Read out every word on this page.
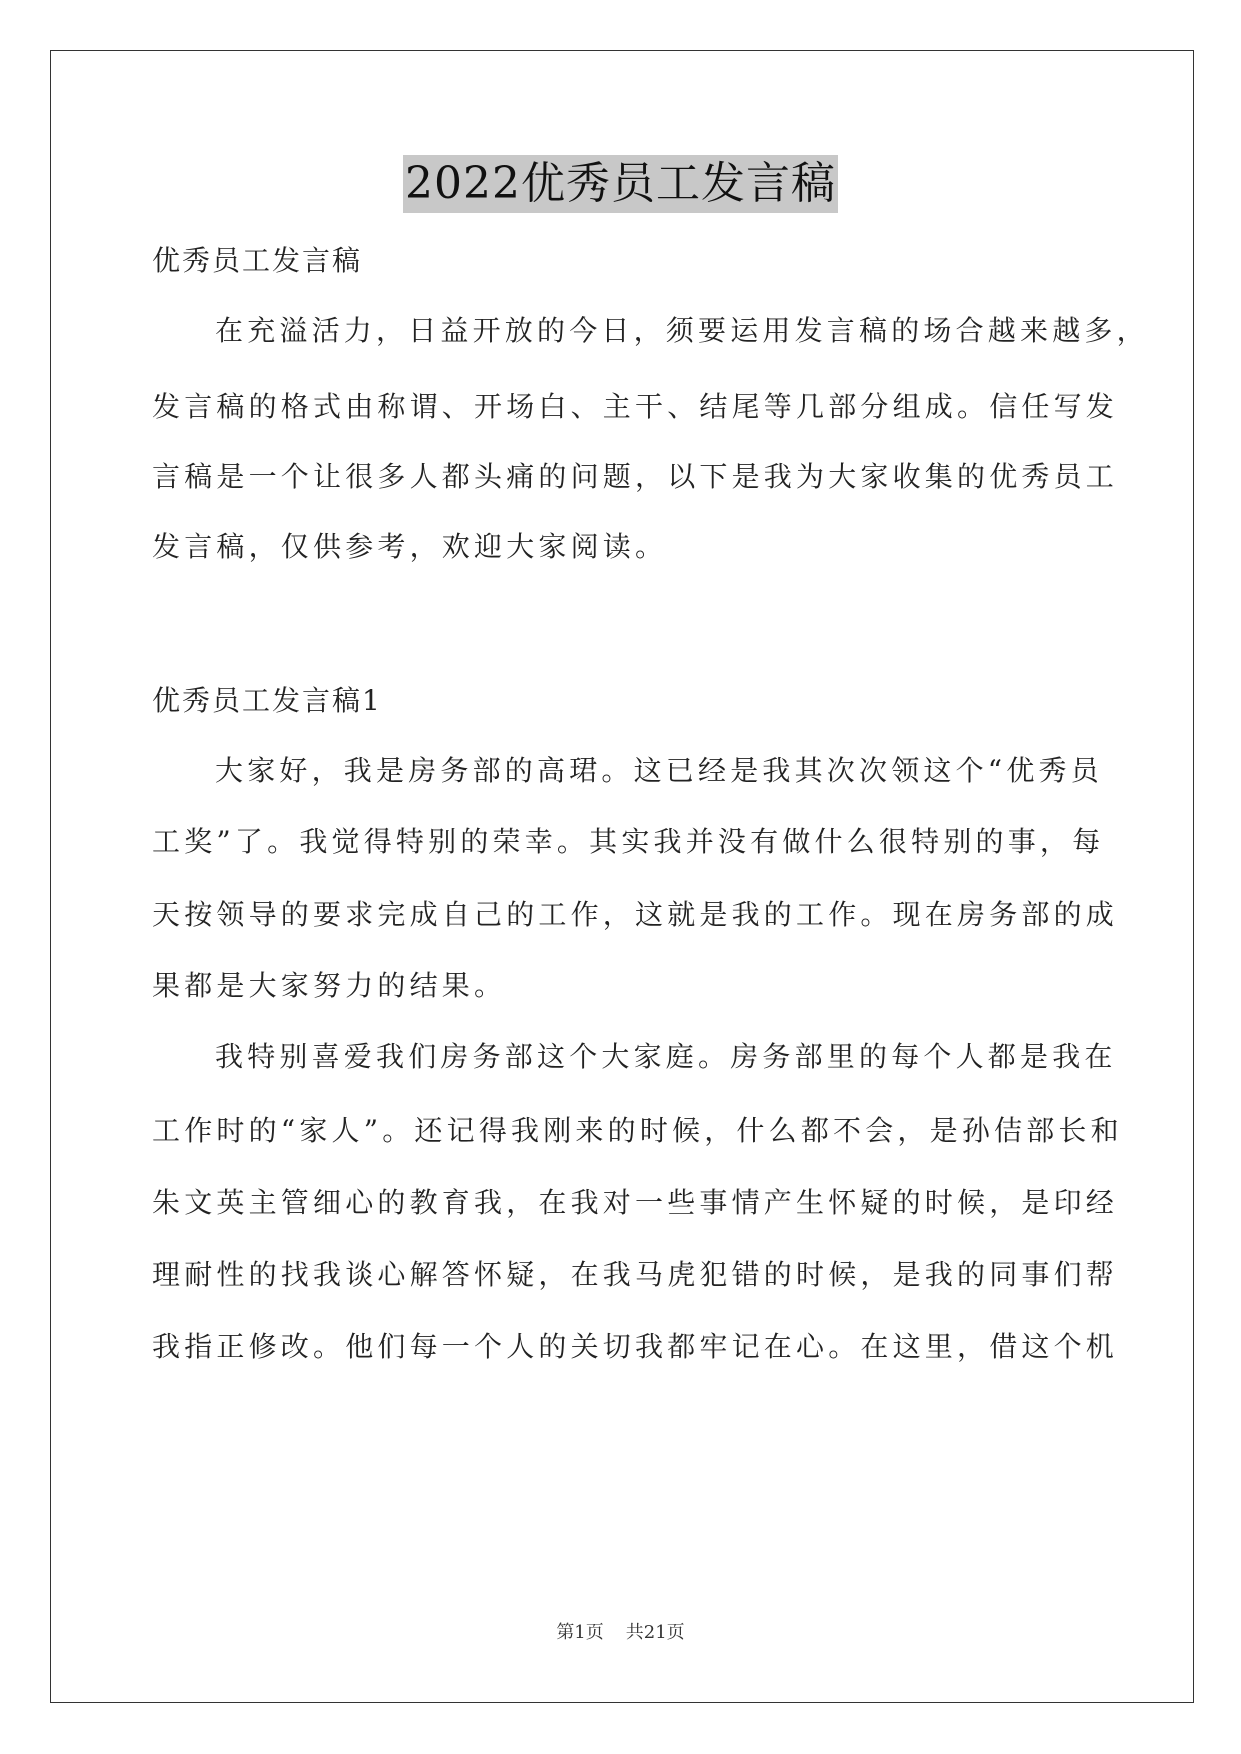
2022优秀员工发言稿
优秀员工发言稿
在充溢活力，日益开放的今日，须要运用发言稿的场合越来越多，
发言稿的格式由称谓、开场白、主干、结尾等几部分组成。信任写发
言稿是一个让很多人都头痛的问题，以下是我为大家收集的优秀员工
发言稿，仅供参考，欢迎大家阅读。
优秀员工发言稿1
大家好，我是房务部的高珺。这已经是我其次次领这个“优秀员
工奖”了。我觉得特别的荣幸。其实我并没有做什么很特别的事，每
天按领导的要求完成自己的工作，这就是我的工作。现在房务部的成
果都是大家努力的结果。
我特别喜爱我们房务部这个大家庭。房务部里的每个人都是我在
工作时的“家人”。还记得我刚来的时候，什么都不会，是孙佶部长和
朱文英主管细心的教育我，在我对一些事情产生怀疑的时候，是印经
理耐性的找我谈心解答怀疑，在我马虎犯错的时候，是我的同事们帮
我指正修改。他们每一个人的关切我都牢记在心。在这里，借这个机
第1页 共21页
